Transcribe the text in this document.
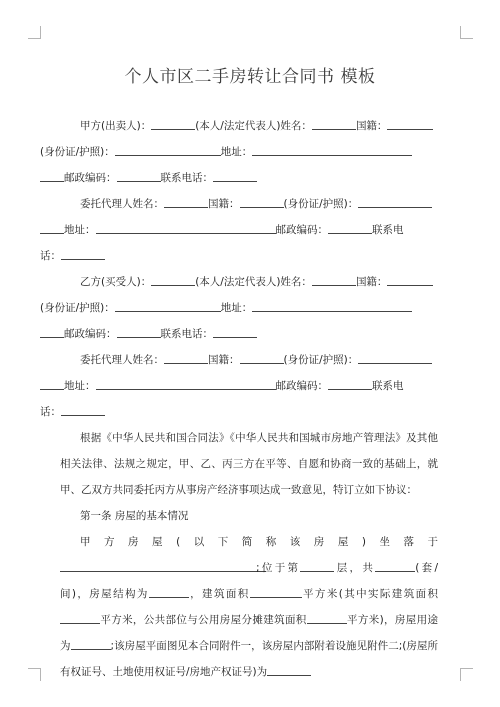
个人市区二手房转让合同书 模板

甲方(出卖人)：	(本人/法定代表人)姓名：	国籍：
(身份证/护照)：	地址：
邮政编码：	联系电话：

委托代理人姓名：	国籍：	(身份证/护照)：
地址：	邮政编码：	联系电
话：

乙方(买受人)：	(本人/法定代表人)姓名：	国籍：
(身份证/护照)：	地址：
邮政编码：	联系电话：

委托代理人姓名：	国籍：	(身份证/护照)：
地址：	邮政编码：	联系电
话：

根据《中华人民共和国合同法》《中华人民共和国城市房地产管理法》及其他相关法律、法规之规定，甲、乙、丙三方在平等、自愿和协商一致的基础上，就甲、乙双方共同委托丙方从事房产经济事项达成一致意见，特订立如下协议：

第一条 房屋的基本情况

甲方房屋(以下简称该房屋)坐落于;位于第	层，共	(套/间)，房屋结构为	，建筑面积	平方米(其中实际建筑面积平方米，公共部位与公用房屋分摊建筑面积	平方米)，房屋用途为	;该房屋平面图见本合同附件一，该房屋内部附着设施见附件二;(房屋所有权证号、土地使用权证号/房地产权证号)为
